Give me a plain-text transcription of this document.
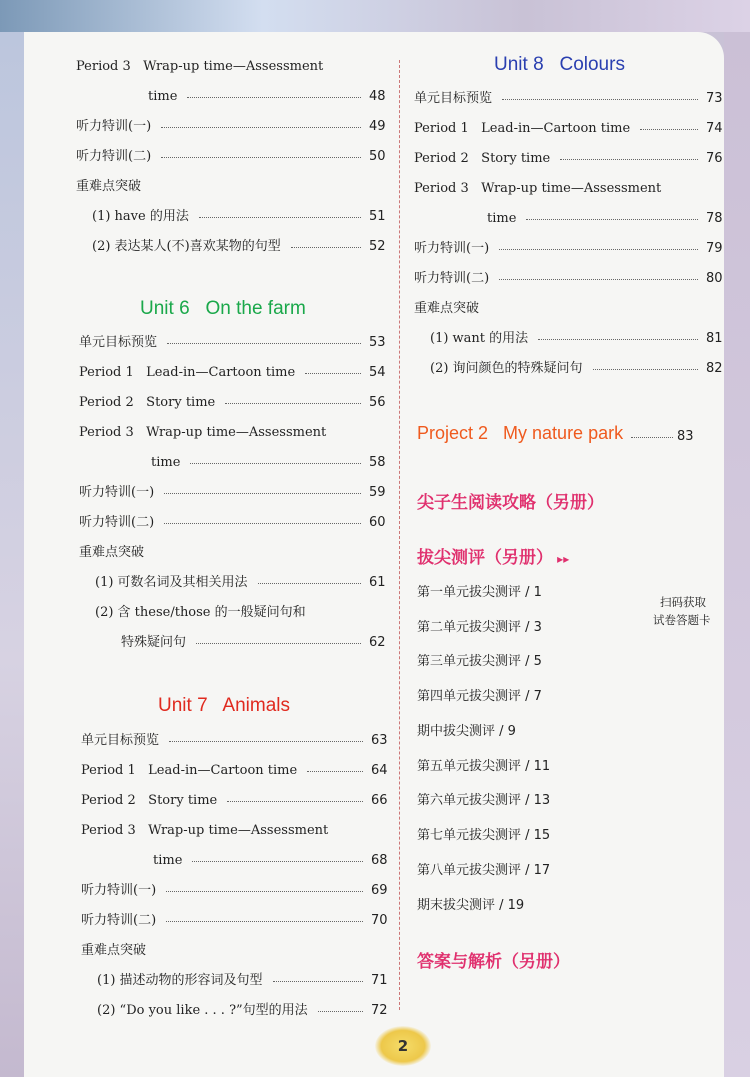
Period 3   Wrap-up time—Assessment
time	48
听力特训(一)	49
听力特训(二)	50
重难点突破
(1) have 的用法	51
(2) 表达某人(不)喜欢某物的句型	52
Unit 6   On the farm
单元目标预览	53
Period 1   Lead-in—Cartoon time	54
Period 2   Story time	56
Period 3   Wrap-up time—Assessment
time	58
听力特训(一)	59
听力特训(二)	60
重难点突破
(1) 可数名词及其相关用法	61
(2) 含 these/those 的一般疑问句和
特殊疑问句	62
Unit 7   Animals
单元目标预览	63
Period 1   Lead-in—Cartoon time	64
Period 2   Story time	66
Period 3   Wrap-up time—Assessment
time	68
听力特训(一)	69
听力特训(二)	70
重难点突破
(1) 描述动物的形容词及句型	71
(2) “Do you like . . . ?”句型的用法	72
Unit 8   Colours
单元目标预览	73
Period 1   Lead-in—Cartoon time	74
Period 2   Story time	76
Period 3   Wrap-up time—Assessment
time	78
听力特训(一)	79
听力特训(二)	80
重难点突破
(1) want 的用法	81
(2) 询问颜色的特殊疑问句	82
Project 2   My nature park	83
尖子生阅读攻略（另册）
拔尖测评（另册） ▸▸
第一单元拔尖测评 / 1
第二单元拔尖测评 / 3
第三单元拔尖测评 / 5
第四单元拔尖测评 / 7
期中拔尖测评 / 9
第五单元拔尖测评 / 11
第六单元拔尖测评 / 13
第七单元拔尖测评 / 15
第八单元拔尖测评 / 17
期末拔尖测评 / 19
扫码获取
试卷答题卡
答案与解析（另册）
2
